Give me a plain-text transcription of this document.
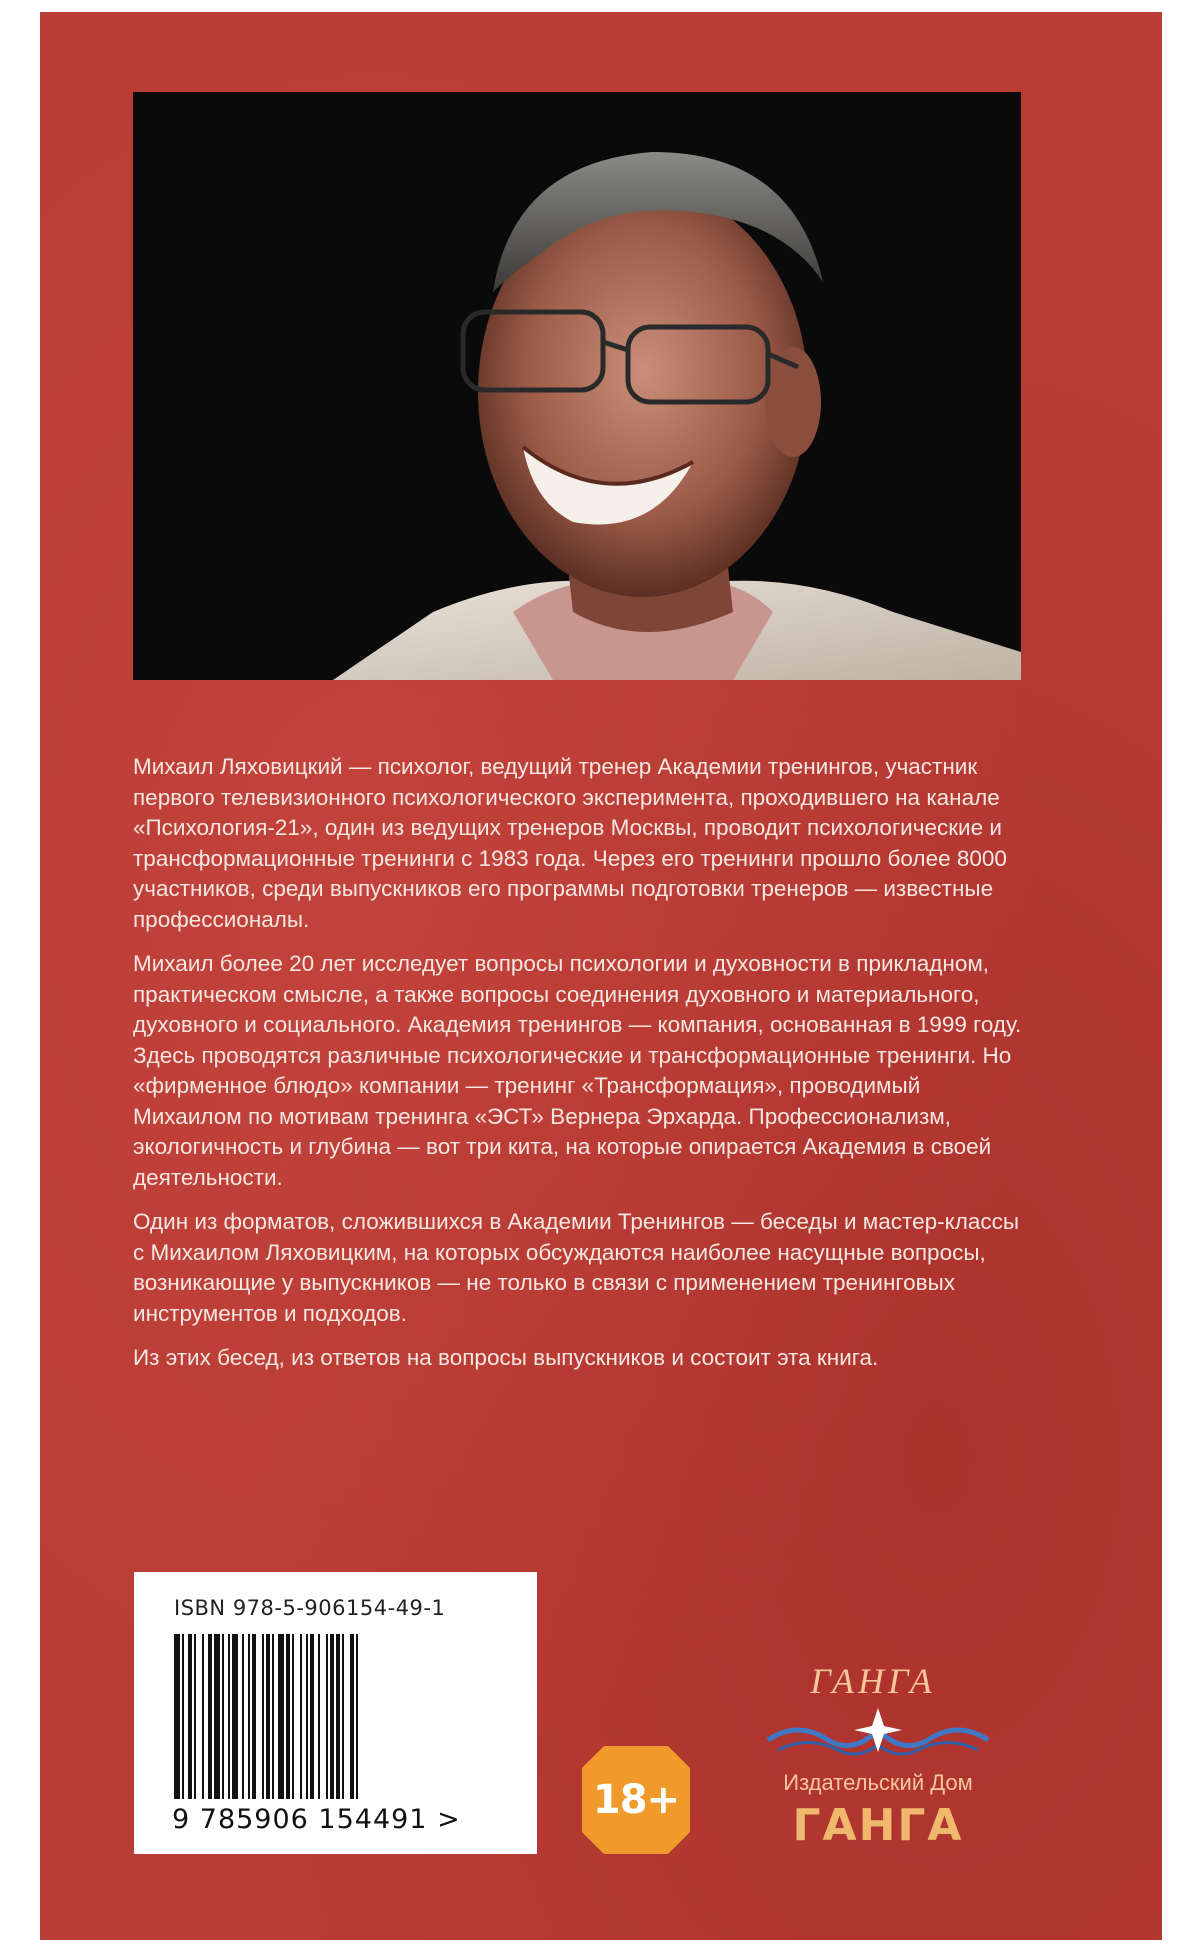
Михаил Ляховицкий — психолог, ведущий тренер Академии тренингов, участник первого телевизионного психологического эксперимента, проходившего на канале «Психология-21», один из ведущих тренеров Москвы, проводит психологические и трансформационные тренинги с 1983 года. Через его тренинги прошло более 8000 участников, среди выпускников его программы подготовки тренеров — известные профессионалы.

Михаил более 20 лет исследует вопросы психологии и духовности в прикладном, практическом смысле, а также вопросы соединения духовного и материального, духовного и социального. Академия тренингов — компания, основанная в 1999 году. Здесь проводятся различные психологические и трансформационные тренинги. Но «фирменное блюдо» компании — тренинг «Трансформация», проводимый Михаилом по мотивам тренинга «ЭСТ» Вернера Эрхарда. Профессионализм, экологичность и глубина — вот три кита, на которые опирается Академия в своей деятельности.

Один из форматов, сложившихся в Академии Тренингов — беседы и мастер-классы с Михаилом Ляховицким, на которых обсуждаются наиболее насущные вопросы, возникающие у выпускников — не только в связи с применением тренинговых инструментов и подходов.

Из этих бесед, из ответов на вопросы выпускников и состоит эта книга.

ISBN 978-5-906154-49-1
9 785906 154491 >	18+
ГАНГА
Издательский Дом
ГАНГА
